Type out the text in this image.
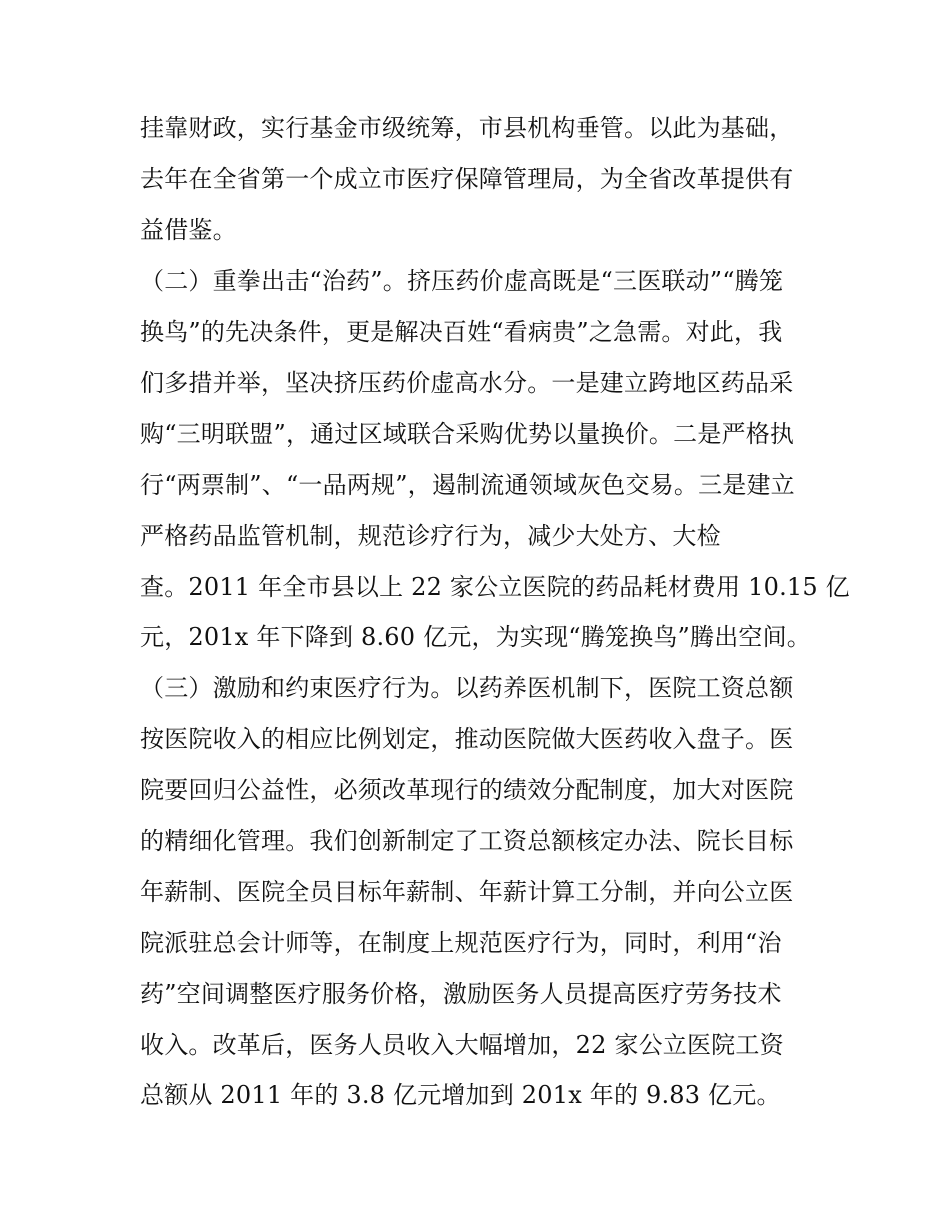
挂靠财政，实行基金市级统筹，市县机构垂管。以此为基础，
去年在全省第一个成立市医疗保障管理局，为全省改革提供有
益借鉴。
（二）重拳出击“治药”。挤压药价虚高既是“三医联动”“腾笼
换鸟”的先决条件，更是解决百姓“看病贵”之急需。对此，我
们多措并举，坚决挤压药价虚高水分。一是建立跨地区药品采
购“三明联盟”，通过区域联合采购优势以量换价。二是严格执
行“两票制”、“一品两规”，遏制流通领域灰色交易。三是建立
严格药品监管机制，规范诊疗行为，减少大处方、大检
查。2011 年全市县以上 22 家公立医院的药品耗材费用 10.15 亿
元，201x 年下降到 8.60 亿元，为实现“腾笼换鸟”腾出空间。
（三）激励和约束医疗行为。以药养医机制下，医院工资总额
按医院收入的相应比例划定，推动医院做大医药收入盘子。医
院要回归公益性，必须改革现行的绩效分配制度，加大对医院
的精细化管理。我们创新制定了工资总额核定办法、院长目标
年薪制、医院全员目标年薪制、年薪计算工分制，并向公立医
院派驻总会计师等，在制度上规范医疗行为，同时，利用“治
药”空间调整医疗服务价格，激励医务人员提高医疗劳务技术
收入。改革后，医务人员收入大幅增加，22 家公立医院工资
总额从 2011 年的 3.8 亿元增加到 201x 年的 9.83 亿元。
